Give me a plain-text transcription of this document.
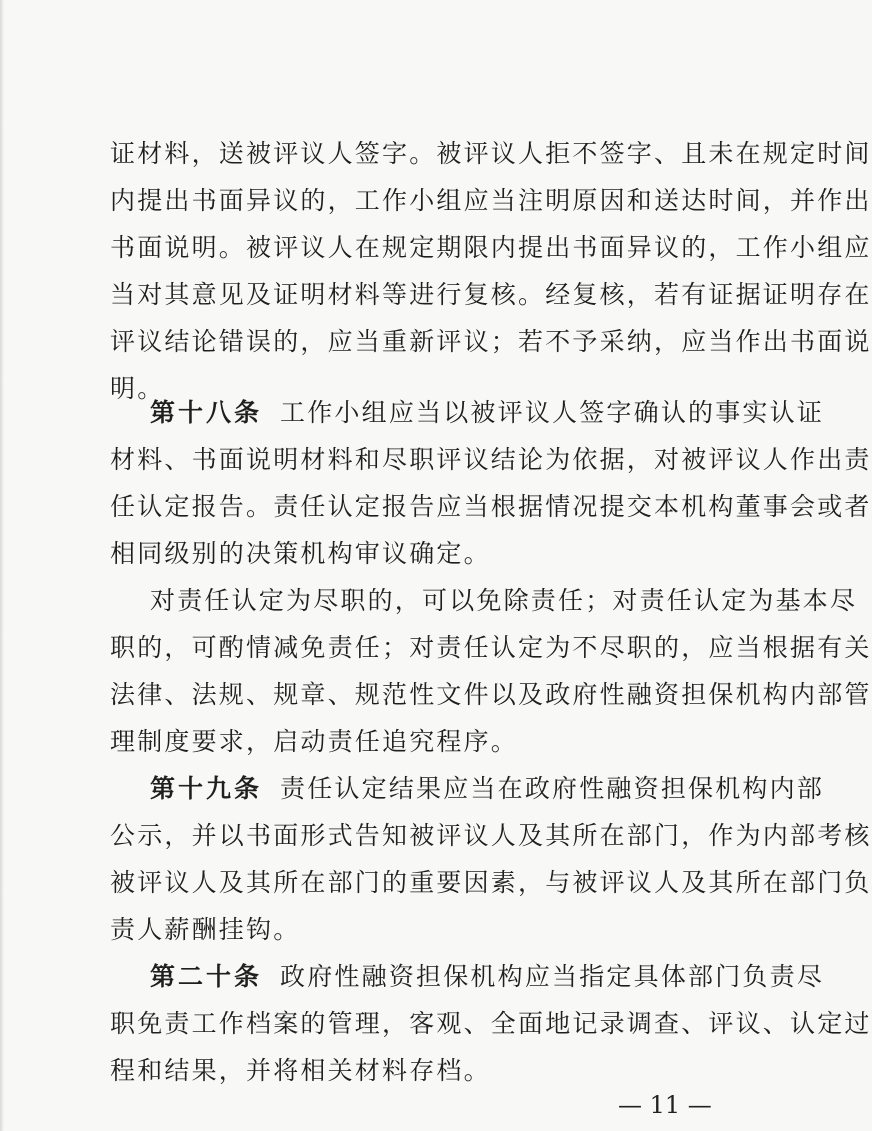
证材料，送被评议人签字。被评议人拒不签字、且未在规定时间
内提出书面异议的，工作小组应当注明原因和送达时间，并作出
书面说明。被评议人在规定期限内提出书面异议的，工作小组应
当对其意见及证明材料等进行复核。经复核，若有证据证明存在
评议结论错误的，应当重新评议；若不予采纳，应当作出书面说
明。
第十八条 工作小组应当以被评议人签字确认的事实认证
材料、书面说明材料和尽职评议结论为依据，对被评议人作出责
任认定报告。责任认定报告应当根据情况提交本机构董事会或者
相同级别的决策机构审议确定。
对责任认定为尽职的，可以免除责任；对责任认定为基本尽
职的，可酌情减免责任；对责任认定为不尽职的，应当根据有关
法律、法规、规章、规范性文件以及政府性融资担保机构内部管
理制度要求，启动责任追究程序。
第十九条 责任认定结果应当在政府性融资担保机构内部
公示，并以书面形式告知被评议人及其所在部门，作为内部考核
被评议人及其所在部门的重要因素，与被评议人及其所在部门负
责人薪酬挂钩。
第二十条 政府性融资担保机构应当指定具体部门负责尽
职免责工作档案的管理，客观、全面地记录调查、评议、认定过
程和结果，并将相关材料存档。
— 11 —
